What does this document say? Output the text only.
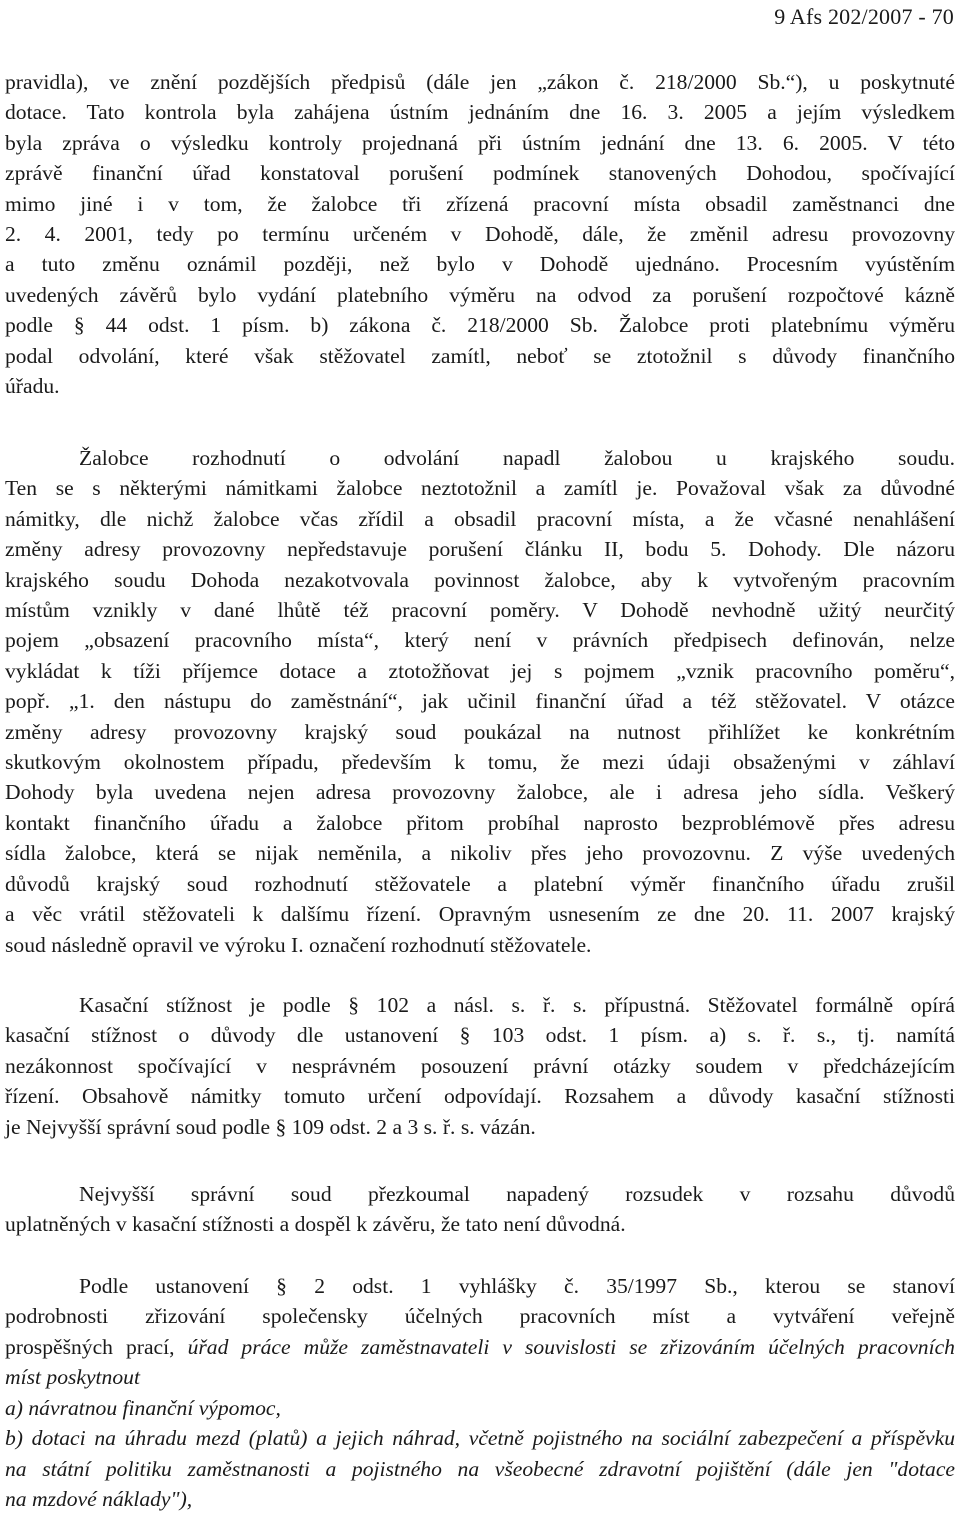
9 Afs 202/2007 - 70
pravidla), ve znění pozdějších předpisů (dále jen „zákon č. 218/2000 Sb.“), u poskytnuté
dotace. Tato kontrola byla zahájena ústním jednáním dne 16. 3. 2005 a jejím výsledkem
byla zpráva o výsledku kontroly projednaná při ústním jednání dne 13. 6. 2005. V této
zprávě finanční úřad konstatoval porušení podmínek stanovených Dohodou, spočívající
mimo jiné i v tom, že žalobce tři zřízená pracovní místa obsadil zaměstnanci dne
2. 4. 2001, tedy po termínu určeném v Dohodě, dále, že změnil adresu provozovny
a tuto změnu oznámil později, než bylo v Dohodě ujednáno. Procesním vyústěním
uvedených závěrů bylo vydání platebního výměru na odvod za porušení rozpočtové kázně
podle § 44 odst. 1 písm. b) zákona č. 218/2000 Sb. Žalobce proti platebnímu výměru
podal odvolání, které však stěžovatel zamítl, neboť se ztotožnil s důvody finančního
úřadu.
Žalobce rozhodnutí o odvolání napadl žalobou u krajského soudu.
Ten se s některými námitkami žalobce neztotožnil a zamítl je. Považoval však za důvodné
námitky, dle nichž žalobce včas zřídil a obsadil pracovní místa, a že včasné nenahlášení
změny adresy provozovny nepředstavuje porušení článku II, bodu 5. Dohody. Dle názoru
krajského soudu Dohoda nezakotvovala povinnost žalobce, aby k vytvořeným pracovním
místům vznikly v dané lhůtě též pracovní poměry. V Dohodě nevhodně užitý neurčitý
pojem „obsazení pracovního místa“, který není v právních předpisech definován, nelze
vykládat k tíži příjemce dotace a ztotožňovat jej s pojmem „vznik pracovního poměru“,
popř. „1. den nástupu do zaměstnání“, jak učinil finanční úřad a též stěžovatel. V otázce
změny adresy provozovny krajský soud poukázal na nutnost přihlížet ke konkrétním
skutkovým okolnostem případu, především k tomu, že mezi údaji obsaženými v záhlaví
Dohody byla uvedena nejen adresa provozovny žalobce, ale i adresa jeho sídla. Veškerý
kontakt finančního úřadu a žalobce přitom probíhal naprosto bezproblémově přes adresu
sídla žalobce, která se nijak neměnila, a nikoliv přes jeho provozovnu. Z výše uvedených
důvodů krajský soud rozhodnutí stěžovatele a platební výměr finančního úřadu zrušil
a věc vrátil stěžovateli k dalšímu řízení. Opravným usnesením ze dne 20. 11. 2007 krajský
soud následně opravil ve výroku I. označení rozhodnutí stěžovatele.
Kasační stížnost je podle § 102 a násl. s. ř. s. přípustná. Stěžovatel formálně opírá
kasační stížnost o důvody dle ustanovení § 103 odst. 1 písm. a) s. ř. s., tj. namítá
nezákonnost spočívající v nesprávném posouzení právní otázky soudem v předcházejícím
řízení. Obsahově námitky tomuto určení odpovídají. Rozsahem a důvody kasační stížnosti
je Nejvyšší správní soud podle § 109 odst. 2 a 3 s. ř. s. vázán.
Nejvyšší správní soud přezkoumal napadený rozsudek v rozsahu důvodů
uplatněných v kasační stížnosti a dospěl k závěru, že tato není důvodná.
Podle ustanovení § 2 odst. 1 vyhlášky č. 35/1997 Sb., kterou se stanoví
podrobnosti zřizování společensky účelných pracovních míst a vytváření veřejně
prospěšných prací, úřad práce může zaměstnavateli v souvislosti se zřizováním účelných pracovních
míst poskytnout
a) návratnou finanční výpomoc,
b) dotaci na úhradu mezd (platů) a jejich náhrad, včetně pojistného na sociální zabezpečení a příspěvku
na státní politiku zaměstnanosti a pojistného na všeobecné zdravotní pojištění (dále jen "dotace
na mzdové náklady"),
